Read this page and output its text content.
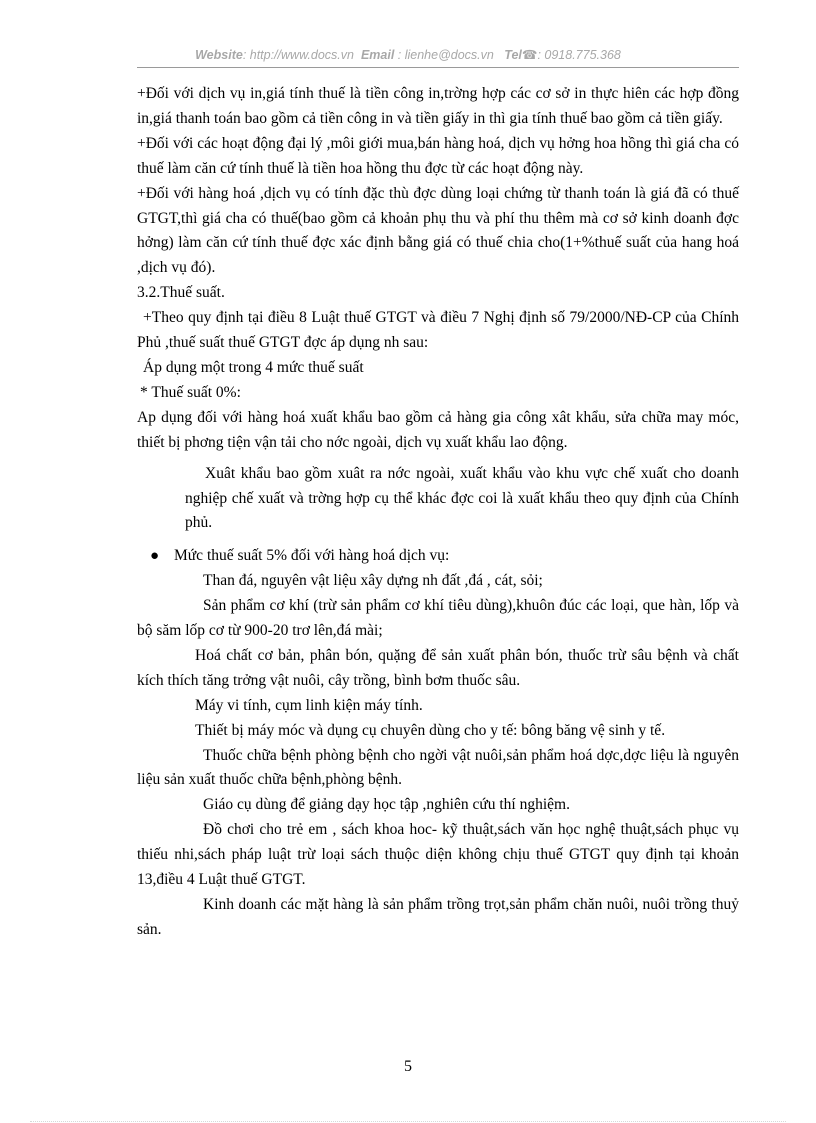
Website: http://www.docs.vn Email : lienhe@docs.vn Tel☎: 0918.775.368

+Đối với dịch vụ in,giá tính thuế là tiền công in,trờng hợp các cơ sở in thực hiên các hợp đồng in,giá thanh toán bao gồm cả tiền công in và tiền giấy in thì gia tính thuế bao gồm cả tiền giấy.

+Đối với các hoạt động đại lý ,môi giới mua,bán hàng hoá, dịch vụ hởng hoa hồng thì giá cha có thuế làm căn cứ tính thuế là tiền hoa hồng thu đợc từ các hoạt động này.

+Đối với hàng hoá ,dịch vụ có tính đặc thù đợc dùng loại chứng từ thanh toán là giá đã có thuế GTGT,thì giá cha có thuế(bao gồm cả khoản phụ thu và phí thu thêm mà cơ sở kinh doanh đợc hởng) làm căn cứ tính thuế đợc xác định bằng giá có thuế chia cho(1+%thuế suất của hang hoá ,dịch vụ đó).

3.2.Thuế suất.

+Theo quy định tại điều 8 Luật thuế GTGT và điều 7 Nghị định số 79/2000/NĐ-CP của Chính Phủ ,thuế suất thuế GTGT đợc áp dụng nh sau:

Áp dụng một trong 4 mức thuế suất

* Thuế suất 0%:

Ap dụng đối với hàng hoá xuất khẩu bao gồm cả hàng gia công xât khẩu, sửa chữa may móc, thiết bị phơng tiện vận tải cho nớc ngoài, dịch vụ xuất khẩu lao động.

Xuât khẩu bao gồm xuât ra nớc ngoài, xuất khẩu vào khu vực chế xuất cho doanh nghiệp chế xuất và trờng hợp cụ thể khác đợc coi là xuất khẩu theo quy định của Chính phủ.

● Mức thuế suất 5% đối với hàng hoá dịch vụ:

Than đá, nguyên vật liệu xây dựng nh đất ,đá , cát, sỏi;

Sản phẩm cơ khí (trừ sản phẩm cơ khí tiêu dùng),khuôn đúc các loại, que hàn, lốp và bộ săm lốp cơ từ 900-20 trơ lên,đá mài;

Hoá chất cơ bản, phân bón, quặng để sản xuất phân bón, thuốc trừ sâu bệnh và chất kích thích tăng trởng vật nuôi, cây trồng, bình bơm thuốc sâu.

Máy vi tính, cụm linh kiện máy tính.

Thiết bị máy móc và dụng cụ chuyên dùng cho y tế: bông băng vệ sinh y tế.

Thuốc chữa bệnh phòng bệnh cho ngời vật nuôi,sản phẩm hoá dợc,dợc liệu là nguyên liệu sản xuất thuốc chữa bệnh,phòng bệnh.

Giáo cụ dùng để giảng dạy học tập ,nghiên cứu thí nghiệm.

Đồ chơi cho trẻ em , sách khoa hoc- kỹ thuật,sách văn học nghệ thuật,sách phục vụ thiếu nhi,sách pháp luật trừ loại sách thuộc diện không chịu thuế GTGT quy định tại khoản 13,điều 4 Luật thuế GTGT.

Kinh doanh các mặt hàng là sản phẩm trồng trọt,sản phẩm chăn nuôi, nuôi trồng thuỷ sản.

5
